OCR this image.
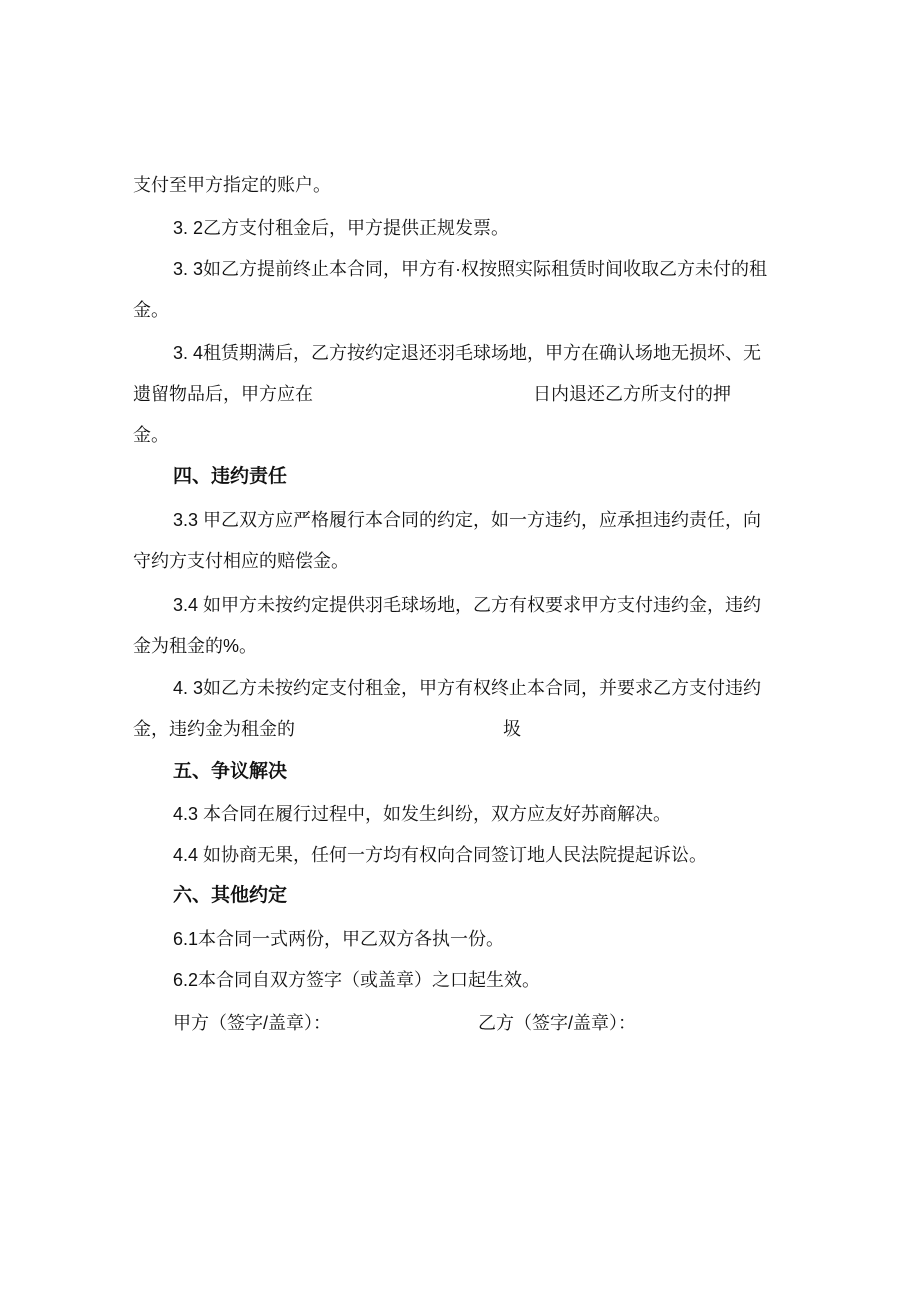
支付至甲方指定的账户。
3. 2乙方支付租金后，甲方提供正规发票。
3. 3如乙方提前终止本合同，甲方有·权按照实际租赁时间收取乙方未付的租
金。
3. 4租赁期满后，乙方按约定退还羽毛球场地，甲方在确认场地无损坏、无
遗留物品后，甲方应在	日内退还乙方所支付的押
金。
四、违约责任
3.3 甲乙双方应严格履行本合同的约定，如一方违约，应承担违约责任，向
守约方支付相应的赔偿金。
3.4 如甲方未按约定提供羽毛球场地，乙方有权要求甲方支付违约金，违约
金为租金的%。
4. 3如乙方未按约定支付租金，甲方有权终止本合同，并要求乙方支付违约
金，违约金为租金的	圾
五、争议解决
4.3 本合同在履行过程中，如发生纠纷，双方应友好苏商解决。
4.4 如协商无果，任何一方均有权向合同签订地人民法院提起诉讼。
六、其他约定
6.1本合同一式两份，甲乙双方各执一份。
6.2本合同自双方签字（或盖章）之口起生效。
甲方（签字/盖章）：	乙方（签字/盖章）：
